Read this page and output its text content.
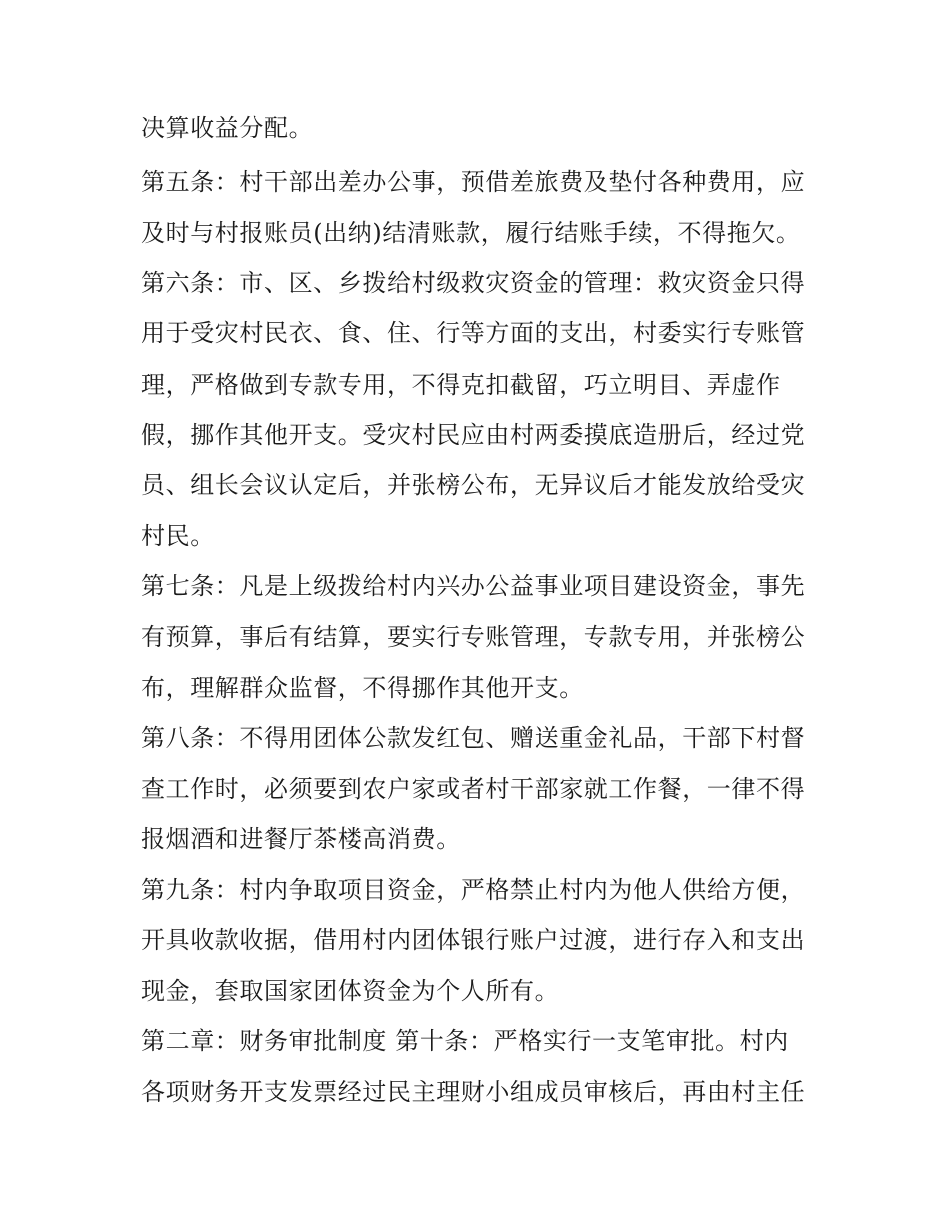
决算收益分配。
第五条：村干部出差办公事，预借差旅费及垫付各种费用，应
及时与村报账员(出纳)结清账款，履行结账手续，不得拖欠。
第六条：市、区、乡拨给村级救灾资金的管理：救灾资金只得
用于受灾村民衣、食、住、行等方面的支出，村委实行专账管
理，严格做到专款专用，不得克扣截留，巧立明目、弄虚作
假，挪作其他开支。受灾村民应由村两委摸底造册后，经过党
员、组长会议认定后，并张榜公布，无异议后才能发放给受灾
村民。
第七条：凡是上级拨给村内兴办公益事业项目建设资金，事先
有预算，事后有结算，要实行专账管理，专款专用，并张榜公
布，理解群众监督，不得挪作其他开支。
第八条：不得用团体公款发红包、赠送重金礼品，干部下村督
查工作时，必须要到农户家或者村干部家就工作餐，一律不得
报烟酒和进餐厅茶楼高消费。
第九条：村内争取项目资金，严格禁止村内为他人供给方便，
开具收款收据，借用村内团体银行账户过渡，进行存入和支出
现金，套取国家团体资金为个人所有。
第二章：财务审批制度 第十条：严格实行一支笔审批。村内
各项财务开支发票经过民主理财小组成员审核后，再由村主任
